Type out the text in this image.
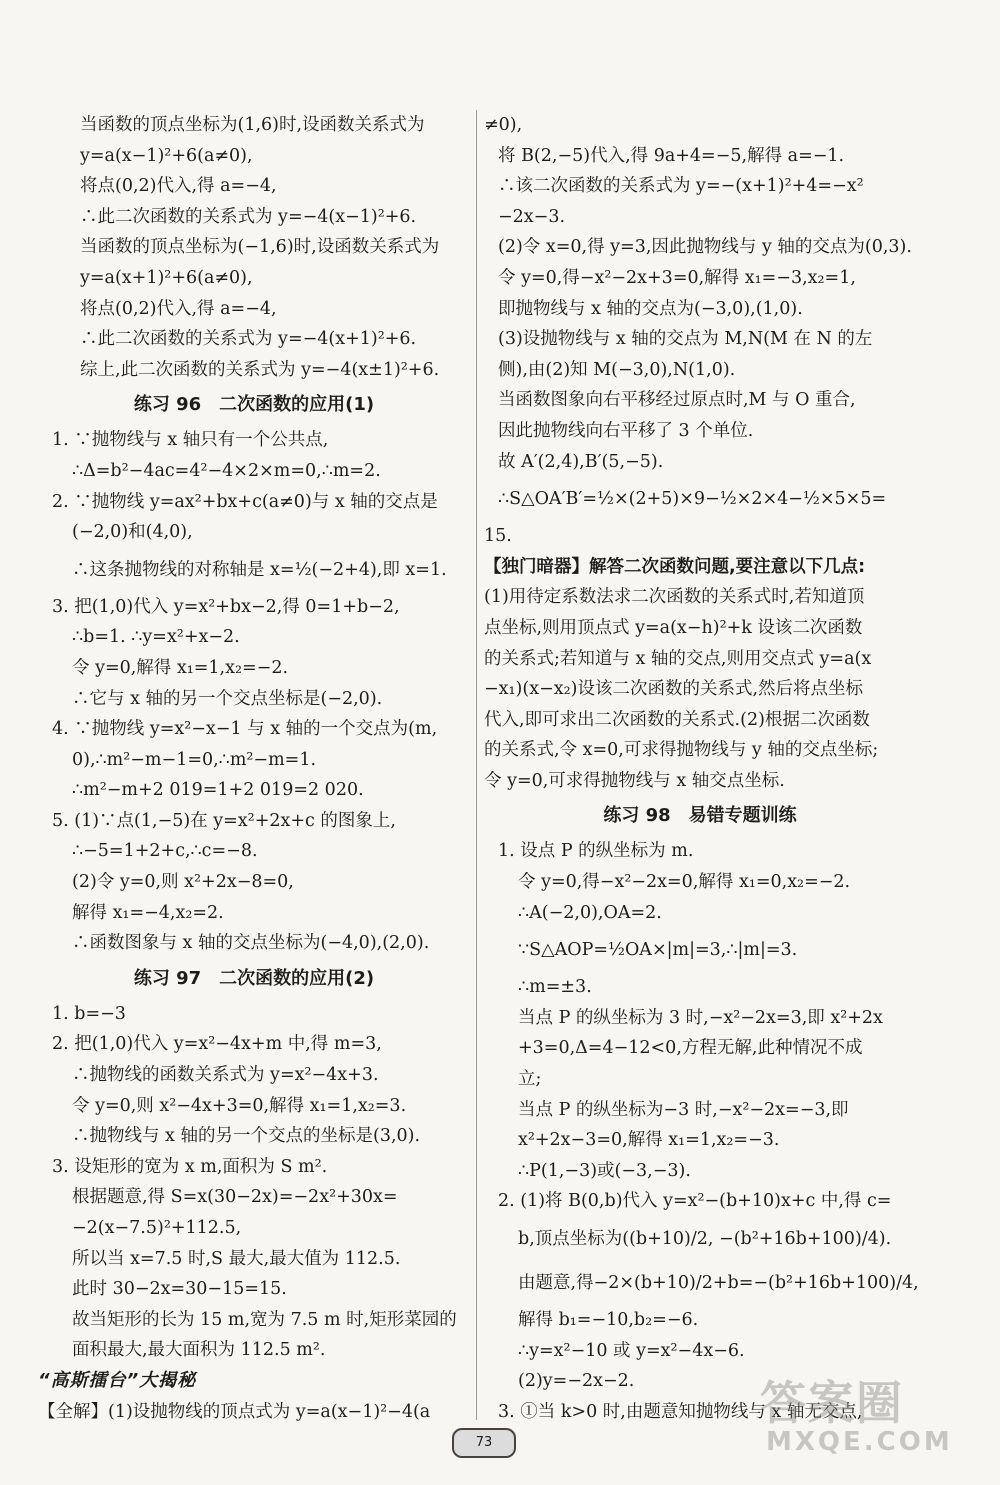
当函数的顶点坐标为(1,6)时,设函数关系式为
y=a(x−1)²+6(a≠0),
将点(0,2)代入,得 a=−4,
∴此二次函数的关系式为 y=−4(x−1)²+6.
当函数的顶点坐标为(−1,6)时,设函数关系式为
y=a(x+1)²+6(a≠0),
将点(0,2)代入,得 a=−4,
∴此二次函数的关系式为 y=−4(x+1)²+6.
综上,此二次函数的关系式为 y=−4(x±1)²+6.
练习 96　二次函数的应用(1)
1. ∵抛物线与 x 轴只有一个公共点,
∴Δ=b²−4ac=4²−4×2×m=0,∴m=2.
2. ∵抛物线 y=ax²+bx+c(a≠0)与 x 轴的交点是
(−2,0)和(4,0),
∴这条抛物线的对称轴是 x=½(−2+4),即 x=1.
3. 把(1,0)代入 y=x²+bx−2,得 0=1+b−2,
∴b=1. ∴y=x²+x−2.
令 y=0,解得 x₁=1,x₂=−2.
∴它与 x 轴的另一个交点坐标是(−2,0).
4. ∵抛物线 y=x²−x−1 与 x 轴的一个交点为(m,
0),∴m²−m−1=0,∴m²−m=1.
∴m²−m+2 019=1+2 019=2 020.
5. (1)∵点(1,−5)在 y=x²+2x+c 的图象上,
∴−5=1+2+c,∴c=−8.
(2)令 y=0,则 x²+2x−8=0,
解得 x₁=−4,x₂=2.
∴函数图象与 x 轴的交点坐标为(−4,0),(2,0).
练习 97　二次函数的应用(2)
1. b=−3
2. 把(1,0)代入 y=x²−4x+m 中,得 m=3,
∴抛物线的函数关系式为 y=x²−4x+3.
令 y=0,则 x²−4x+3=0,解得 x₁=1,x₂=3.
∴抛物线与 x 轴的另一个交点的坐标是(3,0).
3. 设矩形的宽为 x m,面积为 S m².
根据题意,得 S=x(30−2x)=−2x²+30x=
−2(x−7.5)²+112.5,
所以当 x=7.5 时,S 最大,最大值为 112.5.
此时 30−2x=30−15=15.
故当矩形的长为 15 m,宽为 7.5 m 时,矩形菜园的
面积最大,最大面积为 112.5 m².
“高斯擂台”大揭秘
【全解】(1)设抛物线的顶点式为 y=a(x−1)²−4(a
≠0),
将 B(2,−5)代入,得 9a+4=−5,解得 a=−1.
∴该二次函数的关系式为 y=−(x+1)²+4=−x²
−2x−3.
(2)令 x=0,得 y=3,因此抛物线与 y 轴的交点为(0,3).
令 y=0,得−x²−2x+3=0,解得 x₁=−3,x₂=1,
即抛物线与 x 轴的交点为(−3,0),(1,0).
(3)设抛物线与 x 轴的交点为 M,N(M 在 N 的左
侧),由(2)知 M(−3,0),N(1,0).
当函数图象向右平移经过原点时,M 与 O 重合,
因此抛物线向右平移了 3 个单位.
故 A′(2,4),B′(5,−5).
∴S△OA′B′=½×(2+5)×9−½×2×4−½×5×5=
15.
【独门暗器】解答二次函数问题,要注意以下几点:
(1)用待定系数法求二次函数的关系式时,若知道顶
点坐标,则用顶点式 y=a(x−h)²+k 设该二次函数
的关系式;若知道与 x 轴的交点,则用交点式 y=a(x
−x₁)(x−x₂)设该二次函数的关系式,然后将点坐标
代入,即可求出二次函数的关系式.(2)根据二次函数
的关系式,令 x=0,可求得抛物线与 y 轴的交点坐标;
令 y=0,可求得抛物线与 x 轴交点坐标.
练习 98　易错专题训练
1. 设点 P 的纵坐标为 m.
令 y=0,得−x²−2x=0,解得 x₁=0,x₂=−2.
∴A(−2,0),OA=2.
∵S△AOP=½OA×|m|=3,∴|m|=3.
∴m=±3.
当点 P 的纵坐标为 3 时,−x²−2x=3,即 x²+2x
+3=0,Δ=4−12<0,方程无解,此种情况不成
立;
当点 P 的纵坐标为−3 时,−x²−2x=−3,即
x²+2x−3=0,解得 x₁=1,x₂=−3.
∴P(1,−3)或(−3,−3).
2. (1)将 B(0,b)代入 y=x²−(b+10)x+c 中,得 c=
b,顶点坐标为((b+10)/2, −(b²+16b+100)/4).
由题意,得−2×(b+10)/2+b=−(b²+16b+100)/4,
解得 b₁=−10,b₂=−6.
∴y=x²−10 或 y=x²−4x−6.
(2)y=−2x−2.
3. ①当 k>0 时,由题意知抛物线与 x 轴无交点,
73
答案圈
MXQE.COM
